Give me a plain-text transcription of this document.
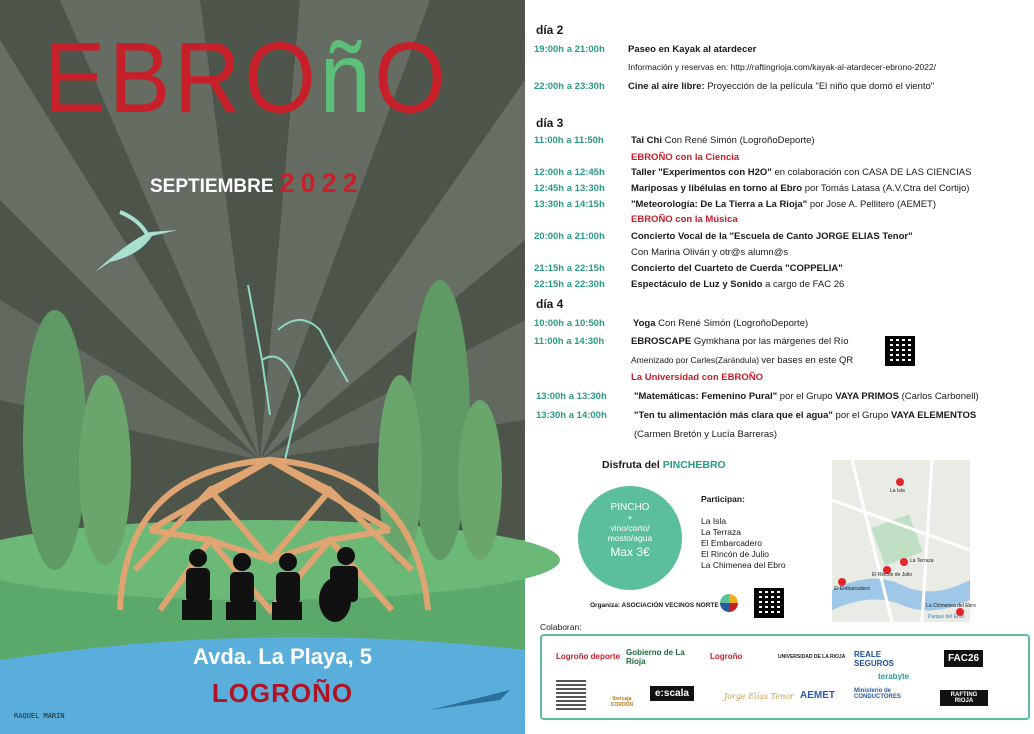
EBROñO
SEPTIEMBRE 2022
Avda. La Playa, 5
LOGROÑO
RAQUEL MARÍN
día 2
19:00h a 21:00h Paseo en Kayak al atardecer
Información y reservas en: http://raftingrioja.com/kayak-al-atardecer-ebrono-2022/
22:00h a 23:30h Cine al aire libre: Proyección de la película "El niño que domó el viento"
día 3
11:00h a 11:50h	Tai Chi Con René Simón (LogroñoDeporte)
EBROÑO con la Ciencia
12:00h a 12:45h	Taller "Experimentos con H2O" en colaboración con CASA DE LAS CIENCIAS
12:45h a 13:30h	Mariposas y libélulas en torno al Ebro por Tomás Latasa (A.V.Ctra del Cortijo)
13:30h a 14:15h	"Meteorología: De La Tierra a La Rioja" por Jose A. Pellitero (AEMET)
EBROÑO con la Música
20:00h a 21:00h	Concierto Vocal de la "Escuela de Canto JORGE ELIAS Tenor"
Con Marina Oliván y otr@s alumn@s
21:15h a 22:15h	Concierto del Cuarteto de Cuerda "COPPELIA"
22:15h a 22:30h	Espectáculo de Luz y Sonido a cargo de FAC 26
día 4
10:00h a 10:50h	Yoga Con René Simón (LogroñoDeporte)
11:00h a 14:30h	EBROSCAPE Gymkhana por las márgenes del Río
Amenizado por Carles(Zarándula) ver bases en este QR
La Universidad con EBROÑO
13:00h a 13:30h	"Matemáticas: Femenino Pural" por el Grupo VAYA PRIMOS (Carlos Carbonell)
13:30h a 14:00h	"Ten tu alimentación más clara que el agua" por el Grupo VAYA ELEMENTOS
(Carmen Bretón y Lucía Barreras)
Disfruta del PINCHEBRO
PINCHO
+
vino/corto/
mosto/agua
Max 3€
Participan:
La Isla
La Terraza
El Embarcadero
El Rincón de Julio
La Chimenea del Ebro
Organiza: ASOCIACIÓN VECINOS NORTE
La Isla
La Terraza
El Rincón de Julio
El Embarcadero
La Chimenea del Ebro
Parque del Ebro
Colaboran:
Logroño deporte Gobierno de La Rioja
Logroño	UNIVERSIDAD DE LA RIOJA REALE SEGUROS	FAC26
terabyte
Ibercaja CORDÓN
e:scala	Jorge Elías Tenor AEMET	Ministerio de CONDUCTORES	RAFTING RIOJA
